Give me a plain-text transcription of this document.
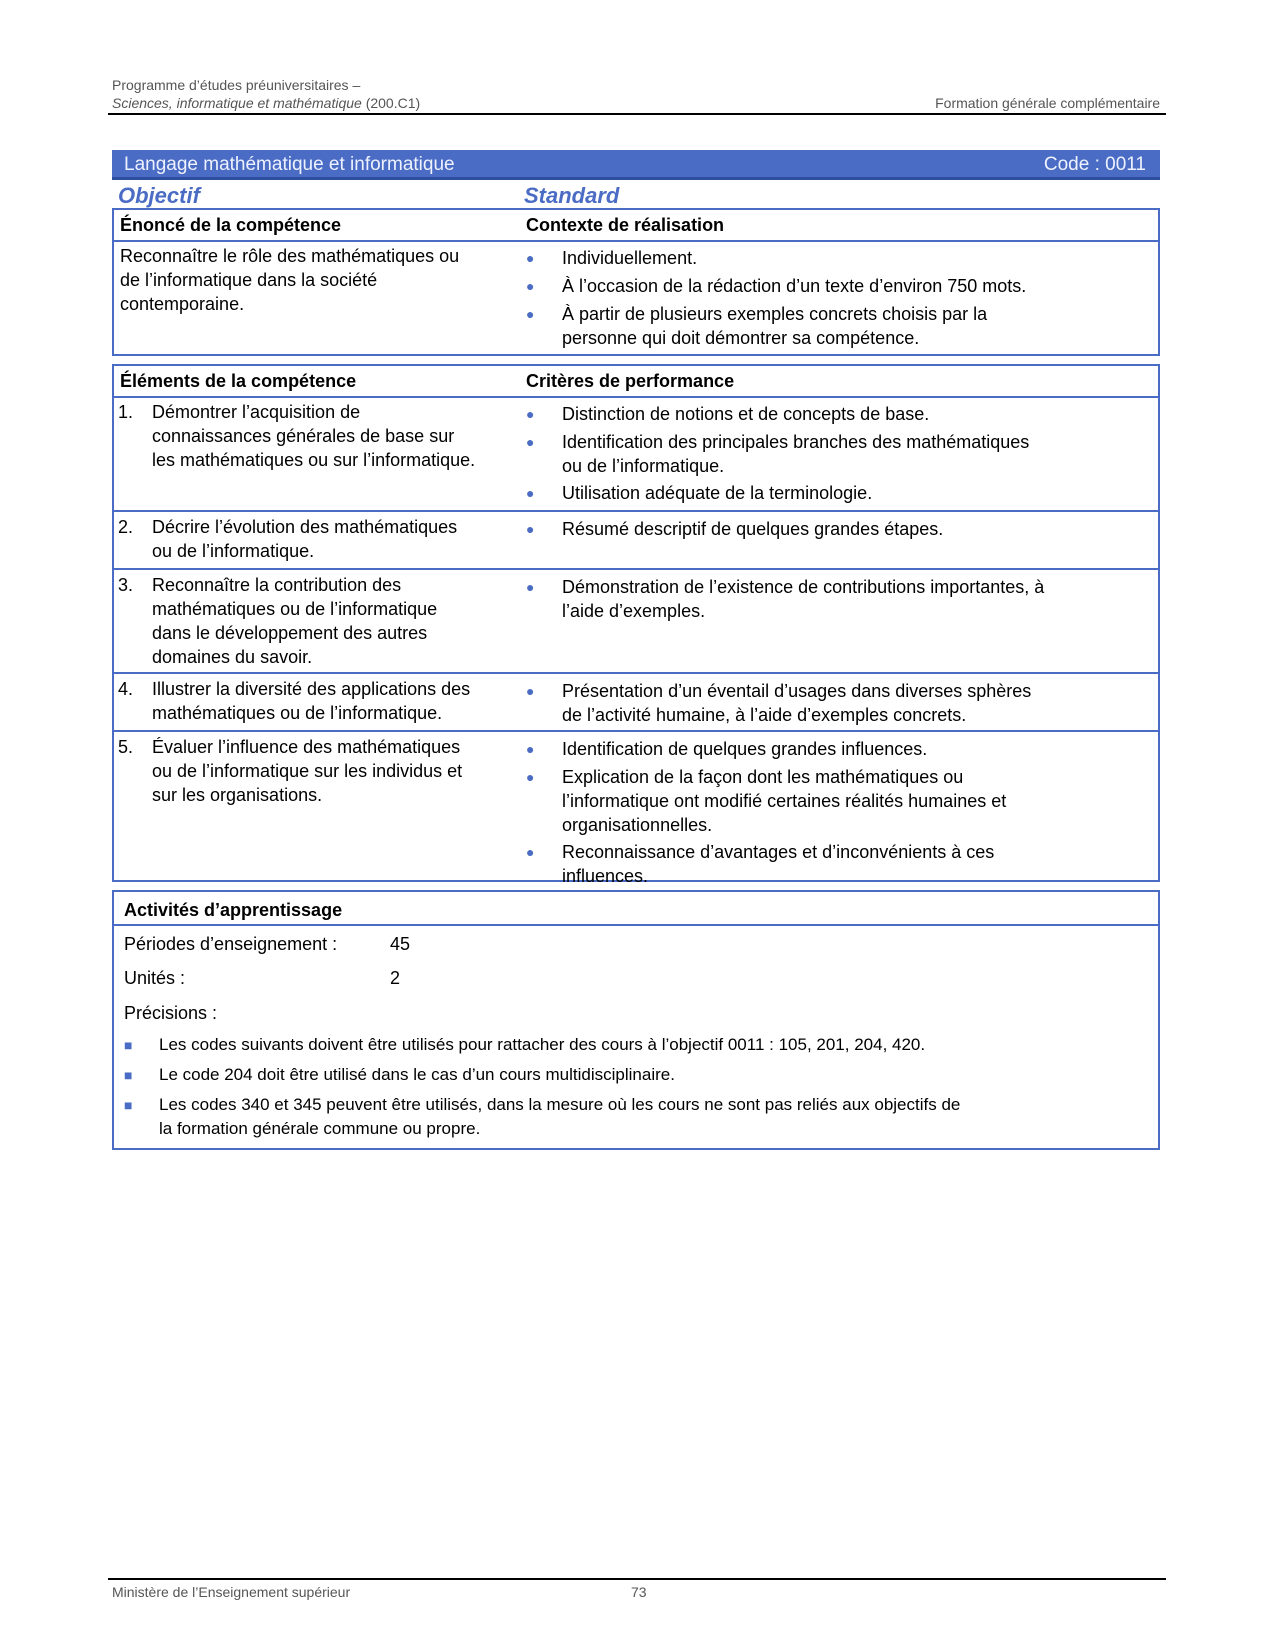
Programme d’études préuniversitaires –
Sciences, informatique et mathématique (200.C1)	Formation générale complémentaire
Langage mathématique et informatique	Code : 0011
Objectif	Standard
Énoncé de la compétence	Contexte de réalisation
Reconnaître le rôle des mathématiques ou
de l’informatique dans la société
contemporaine.
● Individuellement.
● À l’occasion de la rédaction d’un texte d’environ 750 mots.
● À partir de plusieurs exemples concrets choisis par la
personne qui doit démontrer sa compétence.
Éléments de la compétence	Critères de performance
1. Démontrer l’acquisition de
connaissances générales de base sur
les mathématiques ou sur l’informatique.
● Distinction de notions et de concepts de base.
● Identification des principales branches des mathématiques
ou de l’informatique.
● Utilisation adéquate de la terminologie.
2. Décrire l’évolution des mathématiques
ou de l’informatique.
● Résumé descriptif de quelques grandes étapes.
3. Reconnaître la contribution des
mathématiques ou de l’informatique
dans le développement des autres
domaines du savoir.
● Démonstration de l’existence de contributions importantes, à
l’aide d’exemples.
4. Illustrer la diversité des applications des
mathématiques ou de l’informatique.
● Présentation d’un éventail d’usages dans diverses sphères
de l’activité humaine, à l’aide d’exemples concrets.
5. Évaluer l’influence des mathématiques
ou de l’informatique sur les individus et
sur les organisations.
● Identification de quelques grandes influences.
● Explication de la façon dont les mathématiques ou
l’informatique ont modifié certaines réalités humaines et
organisationnelles.
● Reconnaissance d’avantages et d’inconvénients à ces
influences.
Activités d’apprentissage
Périodes d’enseignement :	45
Unités :	2
Précisions :
■ Les codes suivants doivent être utilisés pour rattacher des cours à l’objectif 0011 : 105, 201, 204, 420.
■ Le code 204 doit être utilisé dans le cas d’un cours multidisciplinaire.
■ Les codes 340 et 345 peuvent être utilisés, dans la mesure où les cours ne sont pas reliés aux objectifs de
la formation générale commune ou propre.
Ministère de l’Enseignement supérieur	73
